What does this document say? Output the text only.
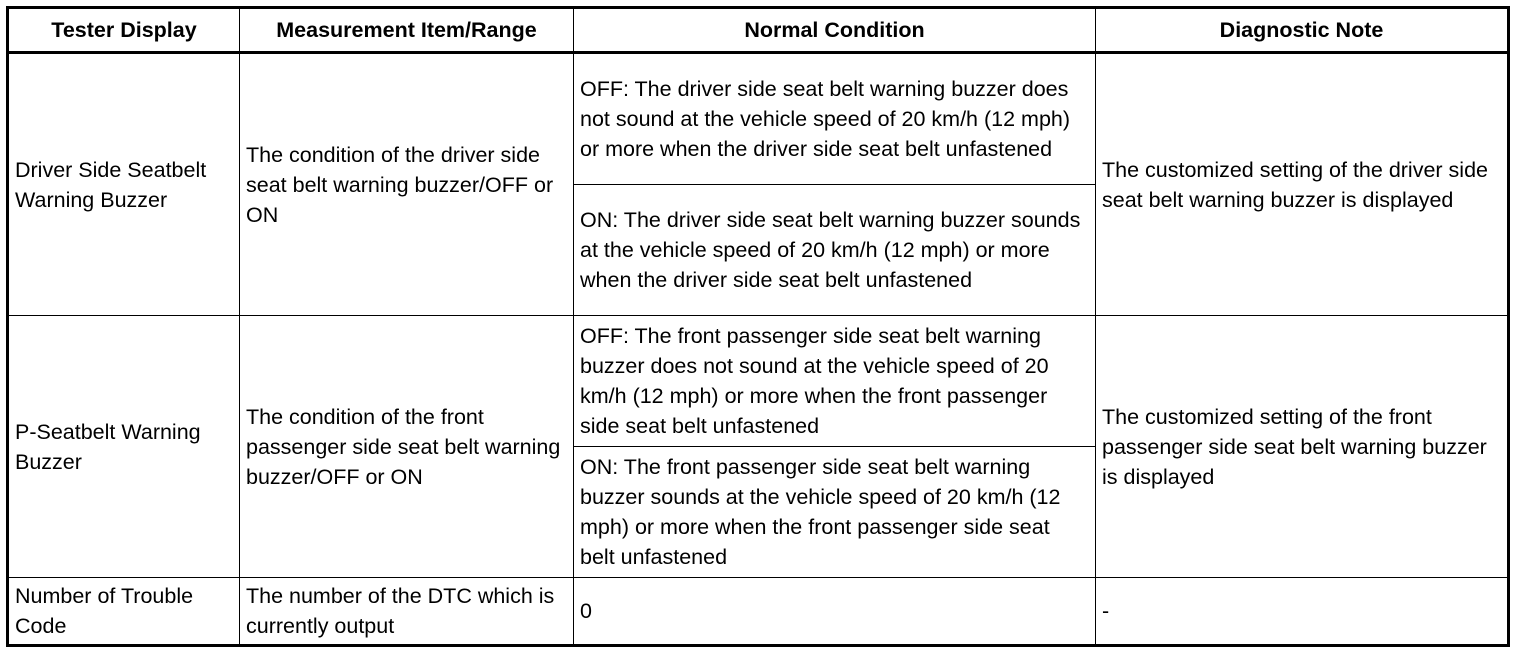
Tester Display	Measurement Item/Range	Normal Condition	Diagnostic Note
Driver Side Seatbelt Warning Buzzer	The condition of the driver side seat belt warning buzzer/OFF or ON	OFF: The driver side seat belt warning buzzer does not sound at the vehicle speed of 20 km/h (12 mph) or more when the driver side seat belt unfastened	The customized setting of the driver side seat belt warning buzzer is displayed
		ON: The driver side seat belt warning buzzer sounds at the vehicle speed of 20 km/h (12 mph) or more when the driver side seat belt unfastened	
P-Seatbelt Warning Buzzer	The condition of the front passenger side seat belt warning buzzer/OFF or ON	OFF: The front passenger side seat belt warning buzzer does not sound at the vehicle speed of 20 km/h (12 mph) or more when the front passenger side seat belt unfastened	The customized setting of the front passenger side seat belt warning buzzer is displayed
		ON: The front passenger side seat belt warning buzzer sounds at the vehicle speed of 20 km/h (12 mph) or more when the front passenger side seat belt unfastened	
Number of Trouble Code	The number of the DTC which is currently output	0	-
